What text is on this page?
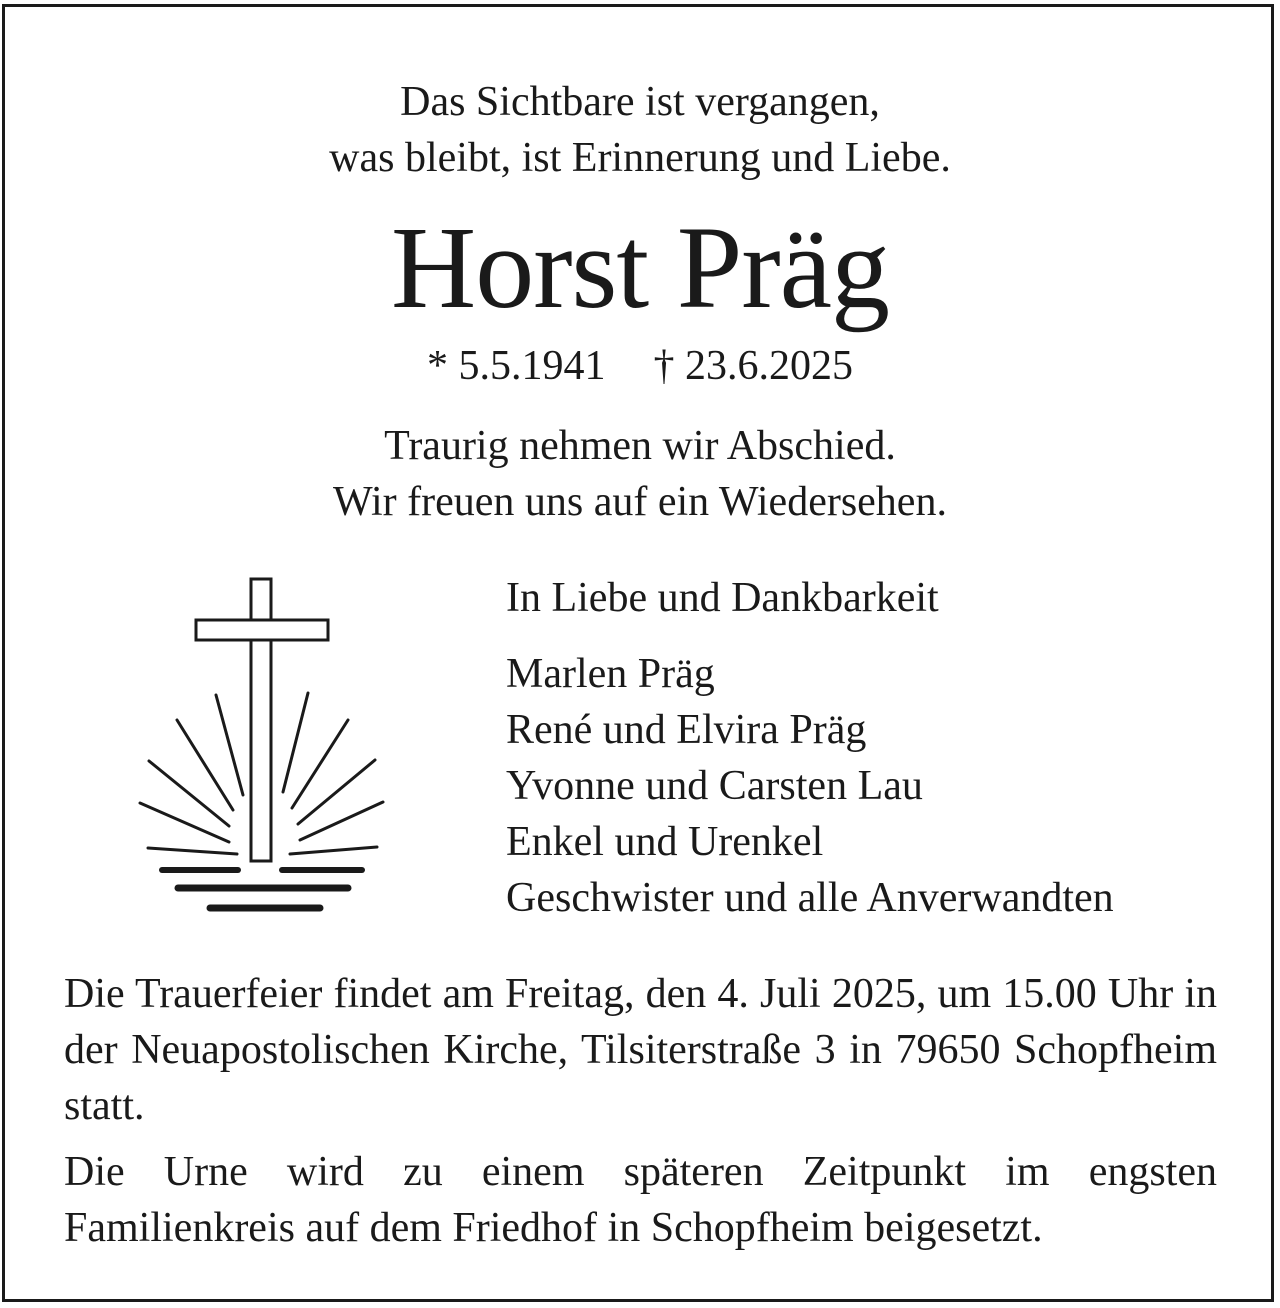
Das Sichtbare ist vergangen,
was bleibt, ist Erinnerung und Liebe.
Horst Präg
* 5.5.1941 † 23.6.2025
Traurig nehmen wir Abschied.
Wir freuen uns auf ein Wiedersehen.
In Liebe und Dankbarkeit
Marlen Präg
René und Elvira Präg
Yvonne und Carsten Lau
Enkel und Urenkel
Geschwister und alle Anverwandten
Die Trauerfeier findet am Freitag, den 4. Juli 2025, um 15.00 Uhr in der Neuapostolischen Kirche, Tilsiterstraße 3 in 79650 Schopfheim statt.
Die Urne wird zu einem späteren Zeitpunkt im engsten Familienkreis auf dem Friedhof in Schopfheim beigesetzt.
